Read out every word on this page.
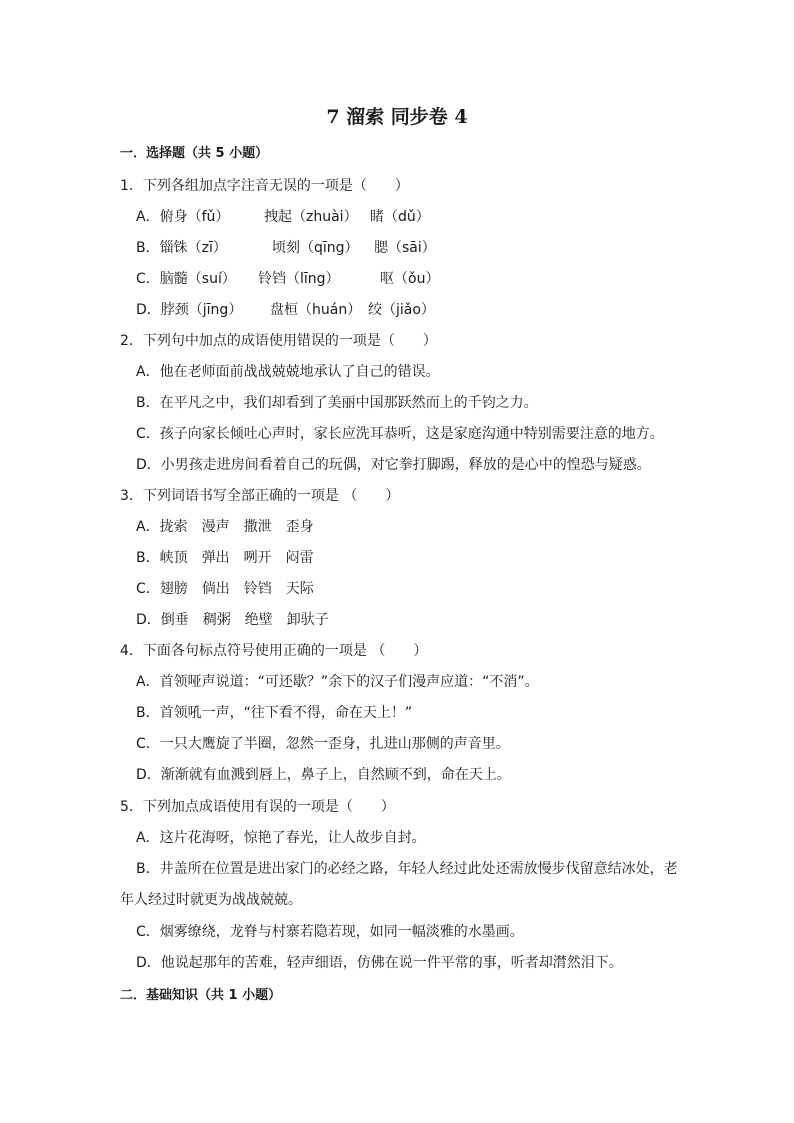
7 溜索 同步卷 4
一．选择题（共 5 小题）
1．下列各组加点字注音无误的一项是（　　）
A．俯身（fǔ） 拽起（zhuài） 睹（dǔ）
B．锱铢（zī）	顷刻（qīng） 腮（sāi）
C．脑髓（suí） 铃铛（līng）	呕（ǒu）
D．脖颈（jīng） 盘桓（huán） 绞（jiǎo）
2．下列句中加点的成语使用错误的一项是（　　）
A．他在老师面前战战兢兢地承认了自己的错误。
B．在平凡之中，我们却看到了美丽中国那跃然而上的千钧之力。
C．孩子向家长倾吐心声时，家长应洗耳恭听，这是家庭沟通中特别需要注意的地方。
D．小男孩走进房间看着自己的玩偶，对它拳打脚踢，释放的是心中的惶恐与疑惑。
3．下列词语书写全部正确的一项是 （　　）
A．拢索　漫声　撒泄　歪身
B．峡顶　弹出　咧开　闷雷
C．翅膀　倘出　铃铛　天际
D．倒垂　稠粥　绝壁　卸驮子
4．下面各句标点符号使用正确的一项是 （　　）
A．首领哑声说道：“可还歇？”余下的汉子们漫声应道：“不消”。
B．首领吼一声，“往下看不得，命在天上！”
C．一只大鹰旋了半圈，忽然一歪身，扎进山那侧的声音里。
D．渐渐就有血溅到唇上，鼻子上，自然顾不到，命在天上。
5．下列加点成语使用有误的一项是（　　）
A．这片花海呀，惊艳了春光，让人故步自封。
B．井盖所在位置是进出家门的必经之路，年轻人经过此处还需放慢步伐留意结冰处，老
年人经过时就更为战战兢兢。
C．烟雾缭绕，龙脊与村寨若隐若现，如同一幅淡雅的水墨画。
D．他说起那年的苦难，轻声细语，仿佛在说一件平常的事，听者却潸然泪下。
二．基础知识（共 1 小题）
